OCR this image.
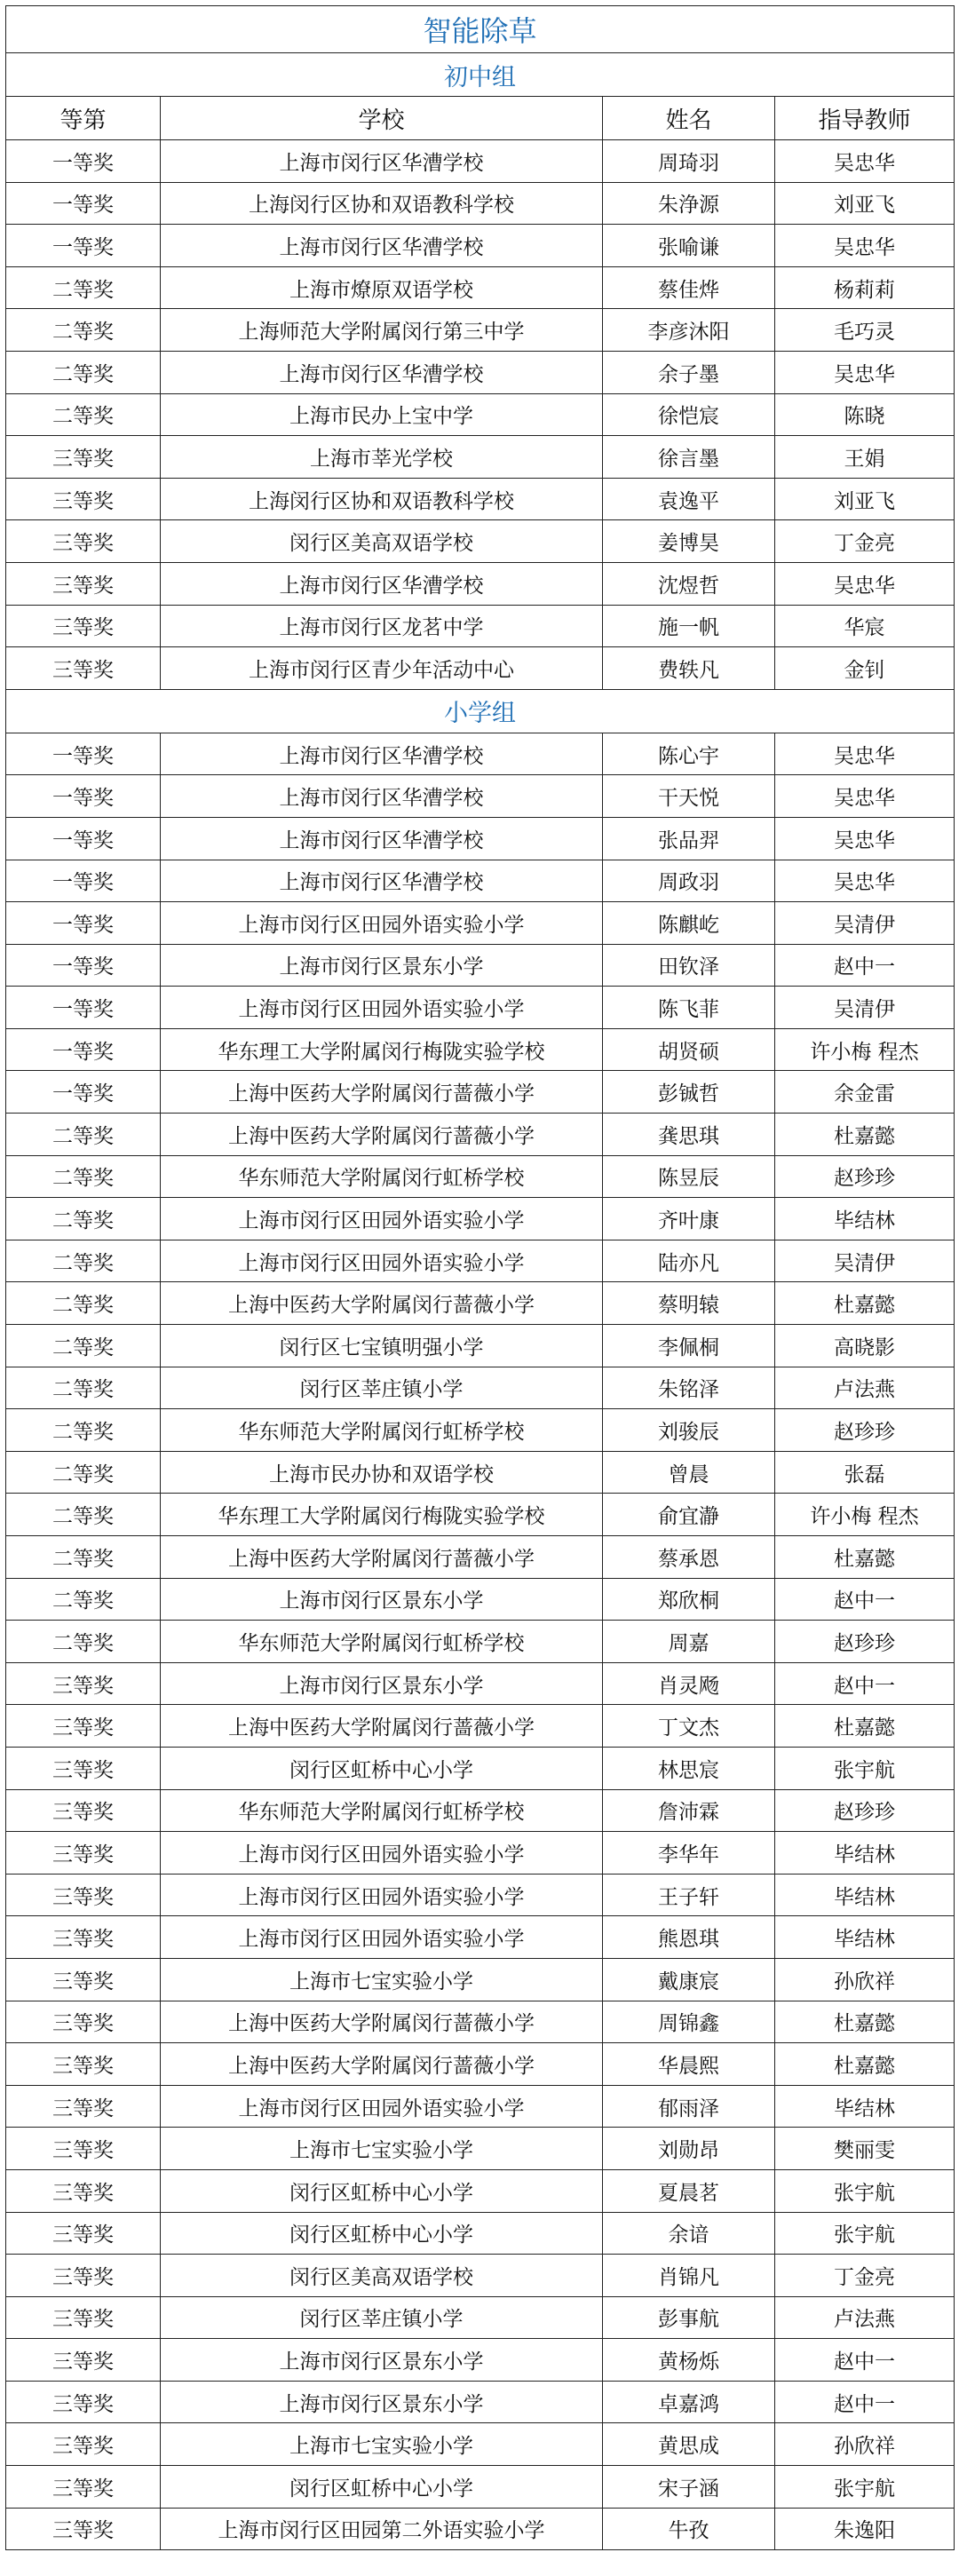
智能除草			
初中组			
等第	学校	姓名	指导教师
一等奖	上海市闵行区华漕学校	周琦羽	吴忠华
一等奖	上海闵行区协和双语教科学校	朱浄源	刘亚飞
一等奖	上海市闵行区华漕学校	张喻谦	吴忠华
二等奖	上海市燎原双语学校	蔡佳烨	杨莉莉
二等奖	上海师范大学附属闵行第三中学	李彦沐阳	毛巧灵
二等奖	上海市闵行区华漕学校	余子墨	吴忠华
二等奖	上海市民办上宝中学	徐恺宸	陈晓
三等奖	上海市莘光学校	徐言墨	王娟
三等奖	上海闵行区协和双语教科学校	袁逸平	刘亚飞
三等奖	闵行区美高双语学校	姜博昊	丁金亮
三等奖	上海市闵行区华漕学校	沈煜哲	吴忠华
三等奖	上海市闵行区龙茗中学	施一帆	华宸
三等奖	上海市闵行区青少年活动中心	费轶凡	金钊
小学组			
一等奖	上海市闵行区华漕学校	陈心宇	吴忠华
一等奖	上海市闵行区华漕学校	干天悦	吴忠华
一等奖	上海市闵行区华漕学校	张品羿	吴忠华
一等奖	上海市闵行区华漕学校	周政羽	吴忠华
一等奖	上海市闵行区田园外语实验小学	陈麒屹	吴清伊
一等奖	上海市闵行区景东小学	田钦泽	赵中一
一等奖	上海市闵行区田园外语实验小学	陈飞菲	吴清伊
一等奖	华东理工大学附属闵行梅陇实验学校	胡贤硕	许小梅 程杰
一等奖	上海中医药大学附属闵行蔷薇小学	彭铖哲	余金雷
二等奖	上海中医药大学附属闵行蔷薇小学	龚思琪	杜嘉懿
二等奖	华东师范大学附属闵行虹桥学校	陈昱辰	赵珍珍
二等奖	上海市闵行区田园外语实验小学	齐叶康	毕结林
二等奖	上海市闵行区田园外语实验小学	陆亦凡	吴清伊
二等奖	上海中医药大学附属闵行蔷薇小学	蔡明辕	杜嘉懿
二等奖	闵行区七宝镇明强小学	李佩桐	高晓影
二等奖	闵行区莘庄镇小学	朱铭泽	卢法燕
二等奖	华东师范大学附属闵行虹桥学校	刘骏辰	赵珍珍
二等奖	上海市民办协和双语学校	曾晨	张磊
二等奖	华东理工大学附属闵行梅陇实验学校	俞宜瀞	许小梅 程杰
二等奖	上海中医药大学附属闵行蔷薇小学	蔡承恩	杜嘉懿
二等奖	上海市闵行区景东小学	郑欣桐	赵中一
二等奖	华东师范大学附属闵行虹桥学校	周嘉	赵珍珍
三等奖	上海市闵行区景东小学	肖灵飏	赵中一
三等奖	上海中医药大学附属闵行蔷薇小学	丁文杰	杜嘉懿
三等奖	闵行区虹桥中心小学	林思宸	张宇航
三等奖	华东师范大学附属闵行虹桥学校	詹沛霖	赵珍珍
三等奖	上海市闵行区田园外语实验小学	李华年	毕结林
三等奖	上海市闵行区田园外语实验小学	王子轩	毕结林
三等奖	上海市闵行区田园外语实验小学	熊恩琪	毕结林
三等奖	上海市七宝实验小学	戴康宸	孙欣祥
三等奖	上海中医药大学附属闵行蔷薇小学	周锦鑫	杜嘉懿
三等奖	上海中医药大学附属闵行蔷薇小学	华晨熙	杜嘉懿
三等奖	上海市闵行区田园外语实验小学	郁雨泽	毕结林
三等奖	上海市七宝实验小学	刘勋昂	樊丽雯
三等奖	闵行区虹桥中心小学	夏晨茗	张宇航
三等奖	闵行区虹桥中心小学	余谙	张宇航
三等奖	闵行区美高双语学校	肖锦凡	丁金亮
三等奖	闵行区莘庄镇小学	彭事航	卢法燕
三等奖	上海市闵行区景东小学	黄杨烁	赵中一
三等奖	上海市闵行区景东小学	卓嘉鸿	赵中一
三等奖	上海市七宝实验小学	黄思成	孙欣祥
三等奖	闵行区虹桥中心小学	宋子涵	张宇航
三等奖	上海市闵行区田园第二外语实验小学	牛孜	朱逸阳
